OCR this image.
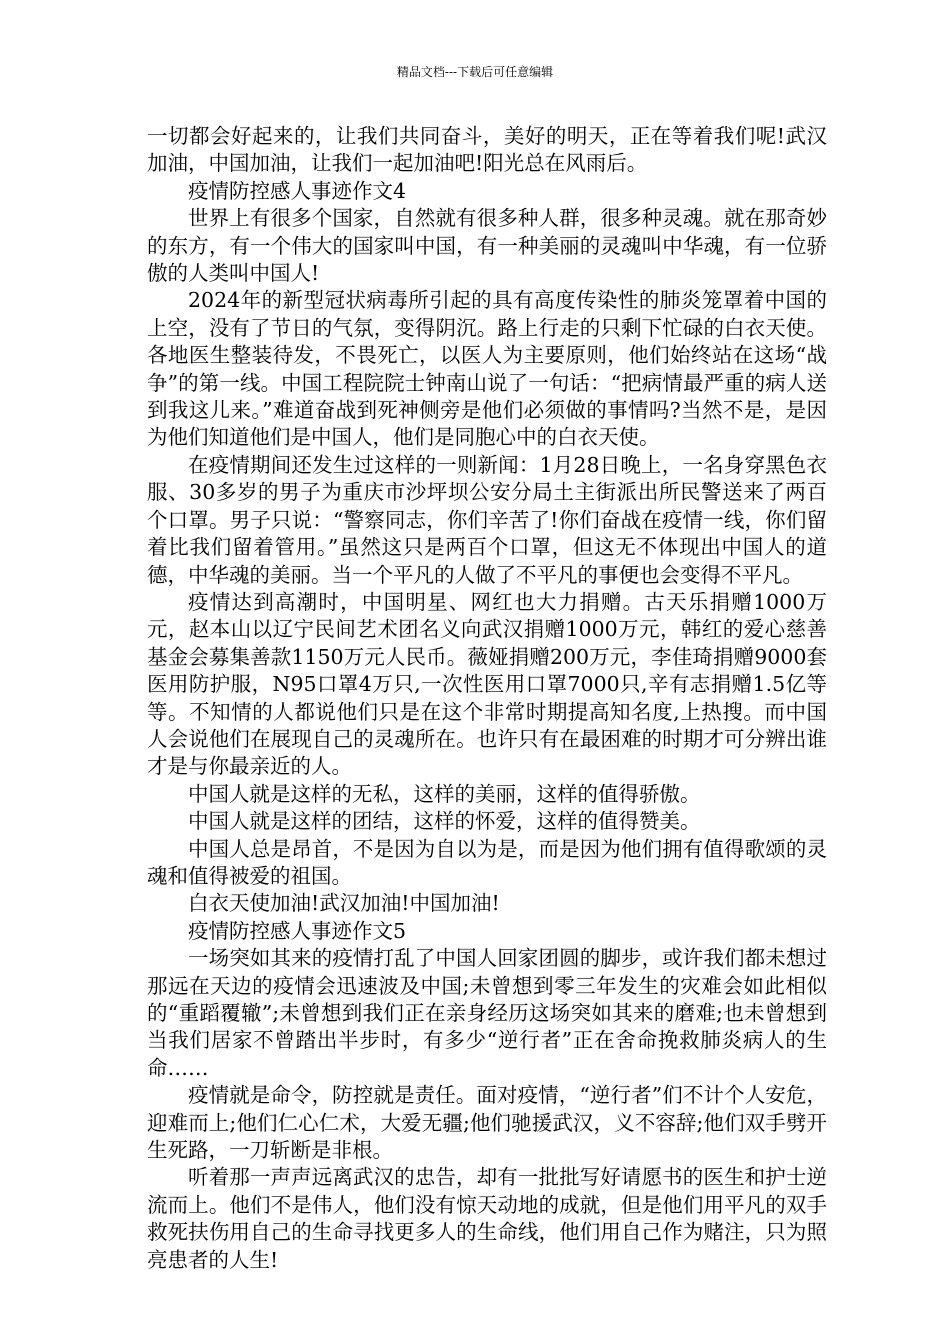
精品文档---下载后可任意编辑

一切都会好起来的，让我们共同奋斗，美好的明天，正在等着我们呢!武汉加油，中国加油，让我们一起加油吧!阳光总在风雨后。

疫情防控感人事迹作文4

世界上有很多个国家，自然就有很多种人群，很多种灵魂。就在那奇妙的东方，有一个伟大的国家叫中国，有一种美丽的灵魂叫中华魂，有一位骄傲的人类叫中国人!

2024年的新型冠状病毒所引起的具有高度传染性的肺炎笼罩着中国的上空，没有了节日的气氛，变得阴沉。路上行走的只剩下忙碌的白衣天使。各地医生整装待发，不畏死亡，以医人为主要原则，他们始终站在这场“战争”的第一线。中国工程院院士钟南山说了一句话：“把病情最严重的病人送到我这儿来。”难道奋战到死神侧旁是他们必须做的事情吗?当然不是，是因为他们知道他们是中国人，他们是同胞心中的白衣天使。

在疫情期间还发生过这样的一则新闻：1月28日晚上，一名身穿黑色衣服、30多岁的男子为重庆市沙坪坝公安分局土主街派出所民警送来了两百个口罩。男子只说：“警察同志，你们辛苦了!你们奋战在疫情一线，你们留着比我们留着管用。”虽然这只是两百个口罩，但这无不体现出中国人的道德，中华魂的美丽。当一个平凡的人做了不平凡的事便也会变得不平凡。

疫情达到高潮时，中国明星、网红也大力捐赠。古天乐捐赠1000万元，赵本山以辽宁民间艺术团名义向武汉捐赠1000万元，韩红的爱心慈善基金会募集善款1150万元人民币。薇娅捐赠200万元，李佳琦捐赠9000套医用防护服，N95口罩4万只,一次性医用口罩7000只,辛有志捐赠1.5亿等等。不知情的人都说他们只是在这个非常时期提高知名度,上热搜。而中国人会说他们在展现自己的灵魂所在。也许只有在最困难的时期才可分辨出谁才是与你最亲近的人。

中国人就是这样的无私，这样的美丽，这样的值得骄傲。

中国人就是这样的团结，这样的怀爱，这样的值得赞美。

中国人总是昂首，不是因为自以为是，而是因为他们拥有值得歌颂的灵魂和值得被爱的祖国。

白衣天使加油!武汉加油!中国加油!

疫情防控感人事迹作文5

一场突如其来的疫情打乱了中国人回家团圆的脚步，或许我们都未想过那远在天边的疫情会迅速波及中国;未曾想到零三年发生的灾难会如此相似的“重蹈覆辙”;未曾想到我们正在亲身经历这场突如其来的磨难;也未曾想到当我们居家不曾踏出半步时，有多少“逆行者”正在舍命挽救肺炎病人的生命……

疫情就是命令，防控就是责任。面对疫情，“逆行者”们不计个人安危，迎难而上;他们仁心仁术，大爱无疆;他们驰援武汉，义不容辞;他们双手劈开生死路，一刀斩断是非根。

听着那一声声远离武汉的忠告，却有一批批写好请愿书的医生和护士逆流而上。他们不是伟人，他们没有惊天动地的成就，但是他们用平凡的双手救死扶伤用自己的生命寻找更多人的生命线，他们用自己作为赌注，只为照亮患者的人生!
